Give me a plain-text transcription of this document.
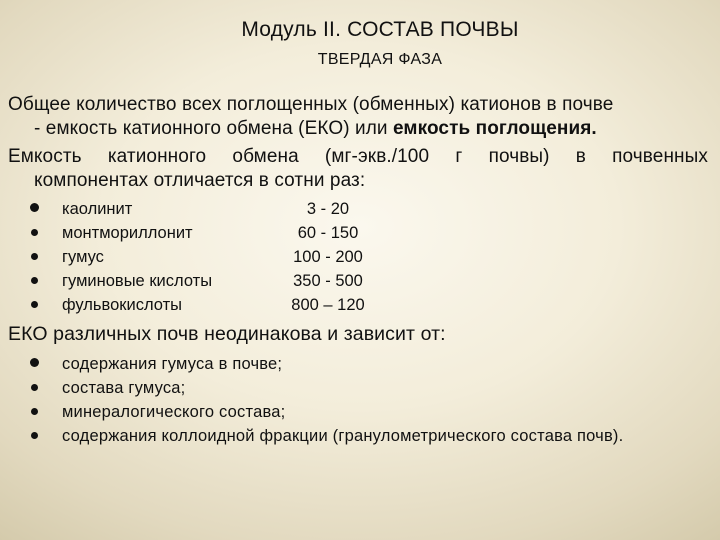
Модуль II. СОСТАВ ПОЧВЫ
ТВЕРДАЯ ФАЗА
Общее количество всех поглощенных (обменных) катионов в почве
- емкость катионного обмена (ЕКО) или емкость поглощения.
Емкость катионного обмена (мг-экв./100 г почвы) в почвенных
компонентах отличается в сотни раз:
каолинит	3 - 20
монтмориллонит	60 - 150
гумус	100 - 200
гуминовые кислоты	350 - 500
фульвокислоты	800 – 120
ЕКО различных почв неодинакова и зависит от:
содержания гумуса в почве;
состава гумуса;
минералогического состава;
содержания коллоидной фракции (гранулометрического состава почв).
